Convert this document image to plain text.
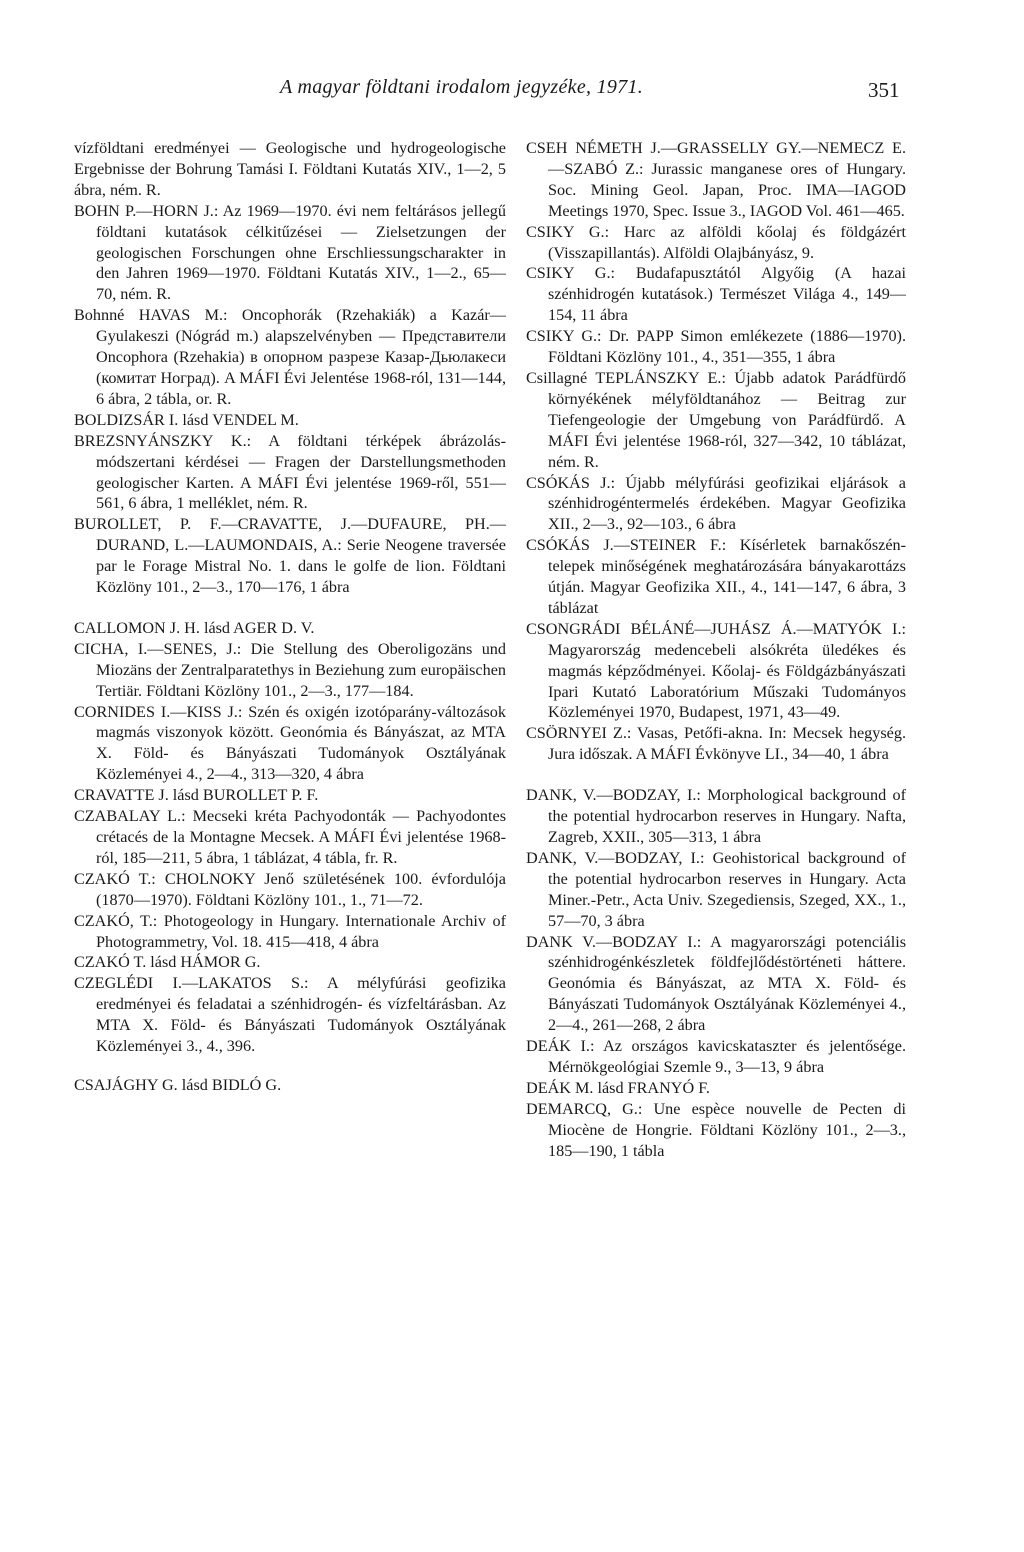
A magyar földtani irodalom jegyzéke, 1971.	351

vízföldtani eredményei — Geologische und hydrogeologische Ergebnisse der Bohrung Tamási I. Földtani Kutatás XIV., 1—2, 5 ábra, ném. R.

BOHN P.—HORN J.: Az 1969—1970. évi nem feltárásos jellegű földtani kutatások célkitűzései — Zielsetzungen der geologischen Forschungen ohne Erschliessungscharakter in den Jahren 1969—1970. Földtani Kutatás XIV., 1—2., 65—70, ném. R.

Bohnné HAVAS M.: Oncophorák (Rzehakiák) a Kazár—Gyulakeszi (Nógrád m.) alapszelvényben — Представители Oncophora (Rzehakia) в опорном разрезе Казар-Дьюлакеси (комитат Ноград). A MÁFI Évi Jelentése 1968-ról, 131—144, 6 ábra, 2 tábla, or. R.

BOLDIZSÁR I. lásd VENDEL M.

BREZSNYÁNSZKY K.: A földtani térképek ábrázolás-módszertani kérdései — Fragen der Darstellungsmethoden geologischer Karten. A MÁFI Évi jelentése 1969-ről, 551—561, 6 ábra, 1 melléklet, ném. R.

BUROLLET, P. F.—CRAVATTE, J.—DUFAURE, PH.—DURAND, L.—LAUMONDAIS, A.: Serie Neogene traversée par le Forage Mistral No. 1. dans le golfe de lion. Földtani Közlöny 101., 2—3., 170—176, 1 ábra

CALLOMON J. H. lásd AGER D. V.

CICHA, I.—SENES, J.: Die Stellung des Oberoligozäns und Miozäns der Zentralparatethys in Beziehung zum europäischen Tertiär. Földtani Közlöny 101., 2—3., 177—184.

CORNIDES I.—KISS J.: Szén és oxigén izotóparány-változások magmás viszonyok között. Geonómia és Bányászat, az MTA X. Föld- és Bányászati Tudományok Osztályának Közleményei 4., 2—4., 313—320, 4 ábra

CRAVATTE J. lásd BUROLLET P. F.

CZABALAY L.: Mecseki kréta Pachyodonták — Pachyodontes crétacés de la Montagne Mecsek. A MÁFI Évi jelentése 1968-ról, 185—211, 5 ábra, 1 táblázat, 4 tábla, fr. R.

CZAKÓ T.: CHOLNOKY Jenő születésének 100. évfordulója (1870—1970). Földtani Közlöny 101., 1., 71—72.

CZAKÓ, T.: Photogeology in Hungary. Internationale Archiv of Photogrammetry, Vol. 18. 415—418, 4 ábra

CZAKÓ T. lásd HÁMOR G.

CZEGLÉDI I.—LAKATOS S.: A mélyfúrási geofizika eredményei és feladatai a szénhidrogén- és vízfeltárásban. Az MTA X. Föld- és Bányászati Tudományok Osztályának Közleményei 3., 4., 396.

CSAJÁGHY G. lásd BIDLÓ G.

CSEH NÉMETH J.—GRASSELLY GY.—NEMECZ E.—SZABÓ Z.: Jurassic manganese ores of Hungary. Soc. Mining Geol. Japan, Proc. IMA—IAGOD Meetings 1970, Spec. Issue 3., IAGOD Vol. 461—465.

CSIKY G.: Harc az alföldi kőolaj és földgázért (Visszapillantás). Alföldi Olajbányász, 9.

CSIKY G.: Budafapusztától Algyőig (A hazai szénhidrogén kutatások.) Természet Világa 4., 149—154, 11 ábra

CSIKY G.: Dr. PAPP Simon emlékezete (1886—1970). Földtani Közlöny 101., 4., 351—355, 1 ábra

Csillagné TEPLÁNSZKY E.: Újabb adatok Parádfürdő környékének mélyföldtanához — Beitrag zur Tiefengeologie der Umgebung von Parádfürdő. A MÁFI Évi jelentése 1968-ról, 327—342, 10 táblázat, ném. R.

CSÓKÁS J.: Újabb mélyfúrási geofizikai eljárások a szénhidrogéntermelés érdekében. Magyar Geofizika XII., 2—3., 92—103., 6 ábra

CSÓKÁS J.—STEINER F.: Kísérletek barnakőszén-telepek minőségének meghatározására bányakarottázs útján. Magyar Geofizika XII., 4., 141—147, 6 ábra, 3 táblázat

CSONGRÁDI BÉLÁNÉ—JUHÁSZ Á.—MATYÓK I.: Magyarország medencebeli alsókréta üledékes és magmás képződményei. Kőolaj- és Földgázbányászati Ipari Kutató Laboratórium Műszaki Tudományos Közleményei 1970, Budapest, 1971, 43—49.

CSÖRNYEI Z.: Vasas, Petőfi-akna. In: Mecsek hegység. Jura időszak. A MÁFI Évkönyve LI., 34—40, 1 ábra

DANK, V.—BODZAY, I.: Morphological background of the potential hydrocarbon reserves in Hungary. Nafta, Zagreb, XXII., 305—313, 1 ábra

DANK, V.—BODZAY, I.: Geohistorical background of the potential hydrocarbon reserves in Hungary. Acta Miner.-Petr., Acta Univ. Szegediensis, Szeged, XX., 1., 57—70, 3 ábra

DANK V.—BODZAY I.: A magyarországi potenciális szénhidrogénkészletek földfejlődéstörténeti háttere. Geonómia és Bányászat, az MTA X. Föld- és Bányászati Tudományok Osztályának Közleményei 4., 2—4., 261—268, 2 ábra

DEÁK I.: Az országos kavicskataszter és jelentősége. Mérnökgeológiai Szemle 9., 3—13, 9 ábra

DEÁK M. lásd FRANYÓ F.

DEMARCQ, G.: Une espèce nouvelle de Pecten di Miocène de Hongrie. Földtani Közlöny 101., 2—3., 185—190, 1 tábla
